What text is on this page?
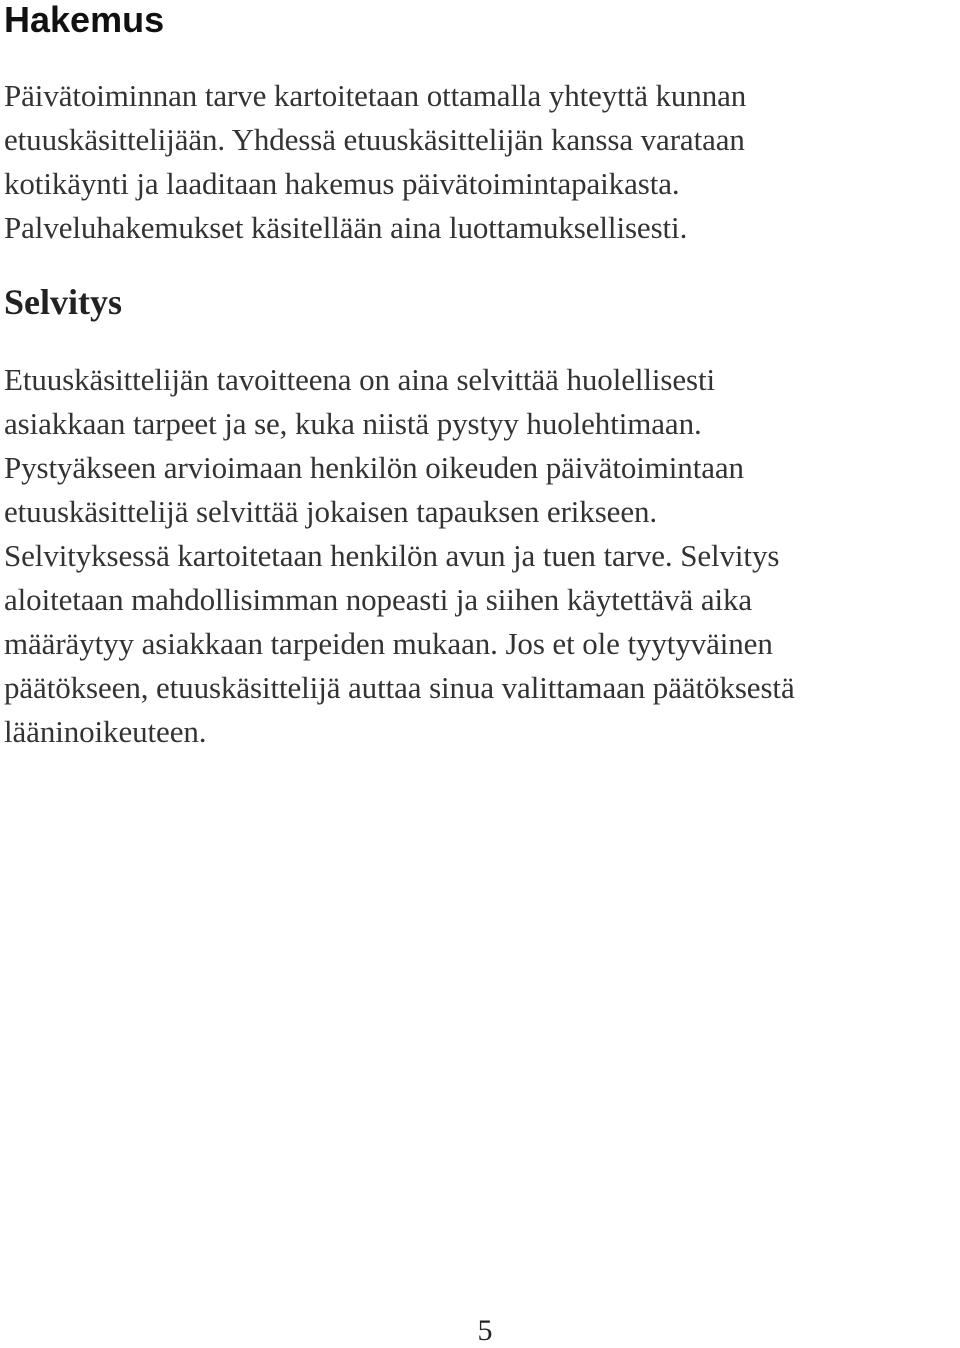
Hakemus

Päivätoiminnan tarve kartoitetaan ottamalla yhteyttä kunnan
etuuskäsittelijään. Yhdessä etuuskäsittelijän kanssa varataan
kotikäynti ja laaditaan hakemus päivätoimintapaikasta.
Palveluhakemukset käsitellään aina luottamuksellisesti.

Selvitys

Etuuskäsittelijän tavoitteena on aina selvittää huolellisesti
asiakkaan tarpeet ja se, kuka niistä pystyy huolehtimaan.
Pystyäkseen arvioimaan henkilön oikeuden päivätoimintaan
etuuskäsittelijä selvittää jokaisen tapauksen erikseen.
Selvityksessä kartoitetaan henkilön avun ja tuen tarve. Selvitys
aloitetaan mahdollisimman nopeasti ja siihen käytettävä aika
määräytyy asiakkaan tarpeiden mukaan. Jos et ole tyytyväinen
päätökseen, etuuskäsittelijä auttaa sinua valittamaan päätöksestä
lääninoikeuteen.

5
